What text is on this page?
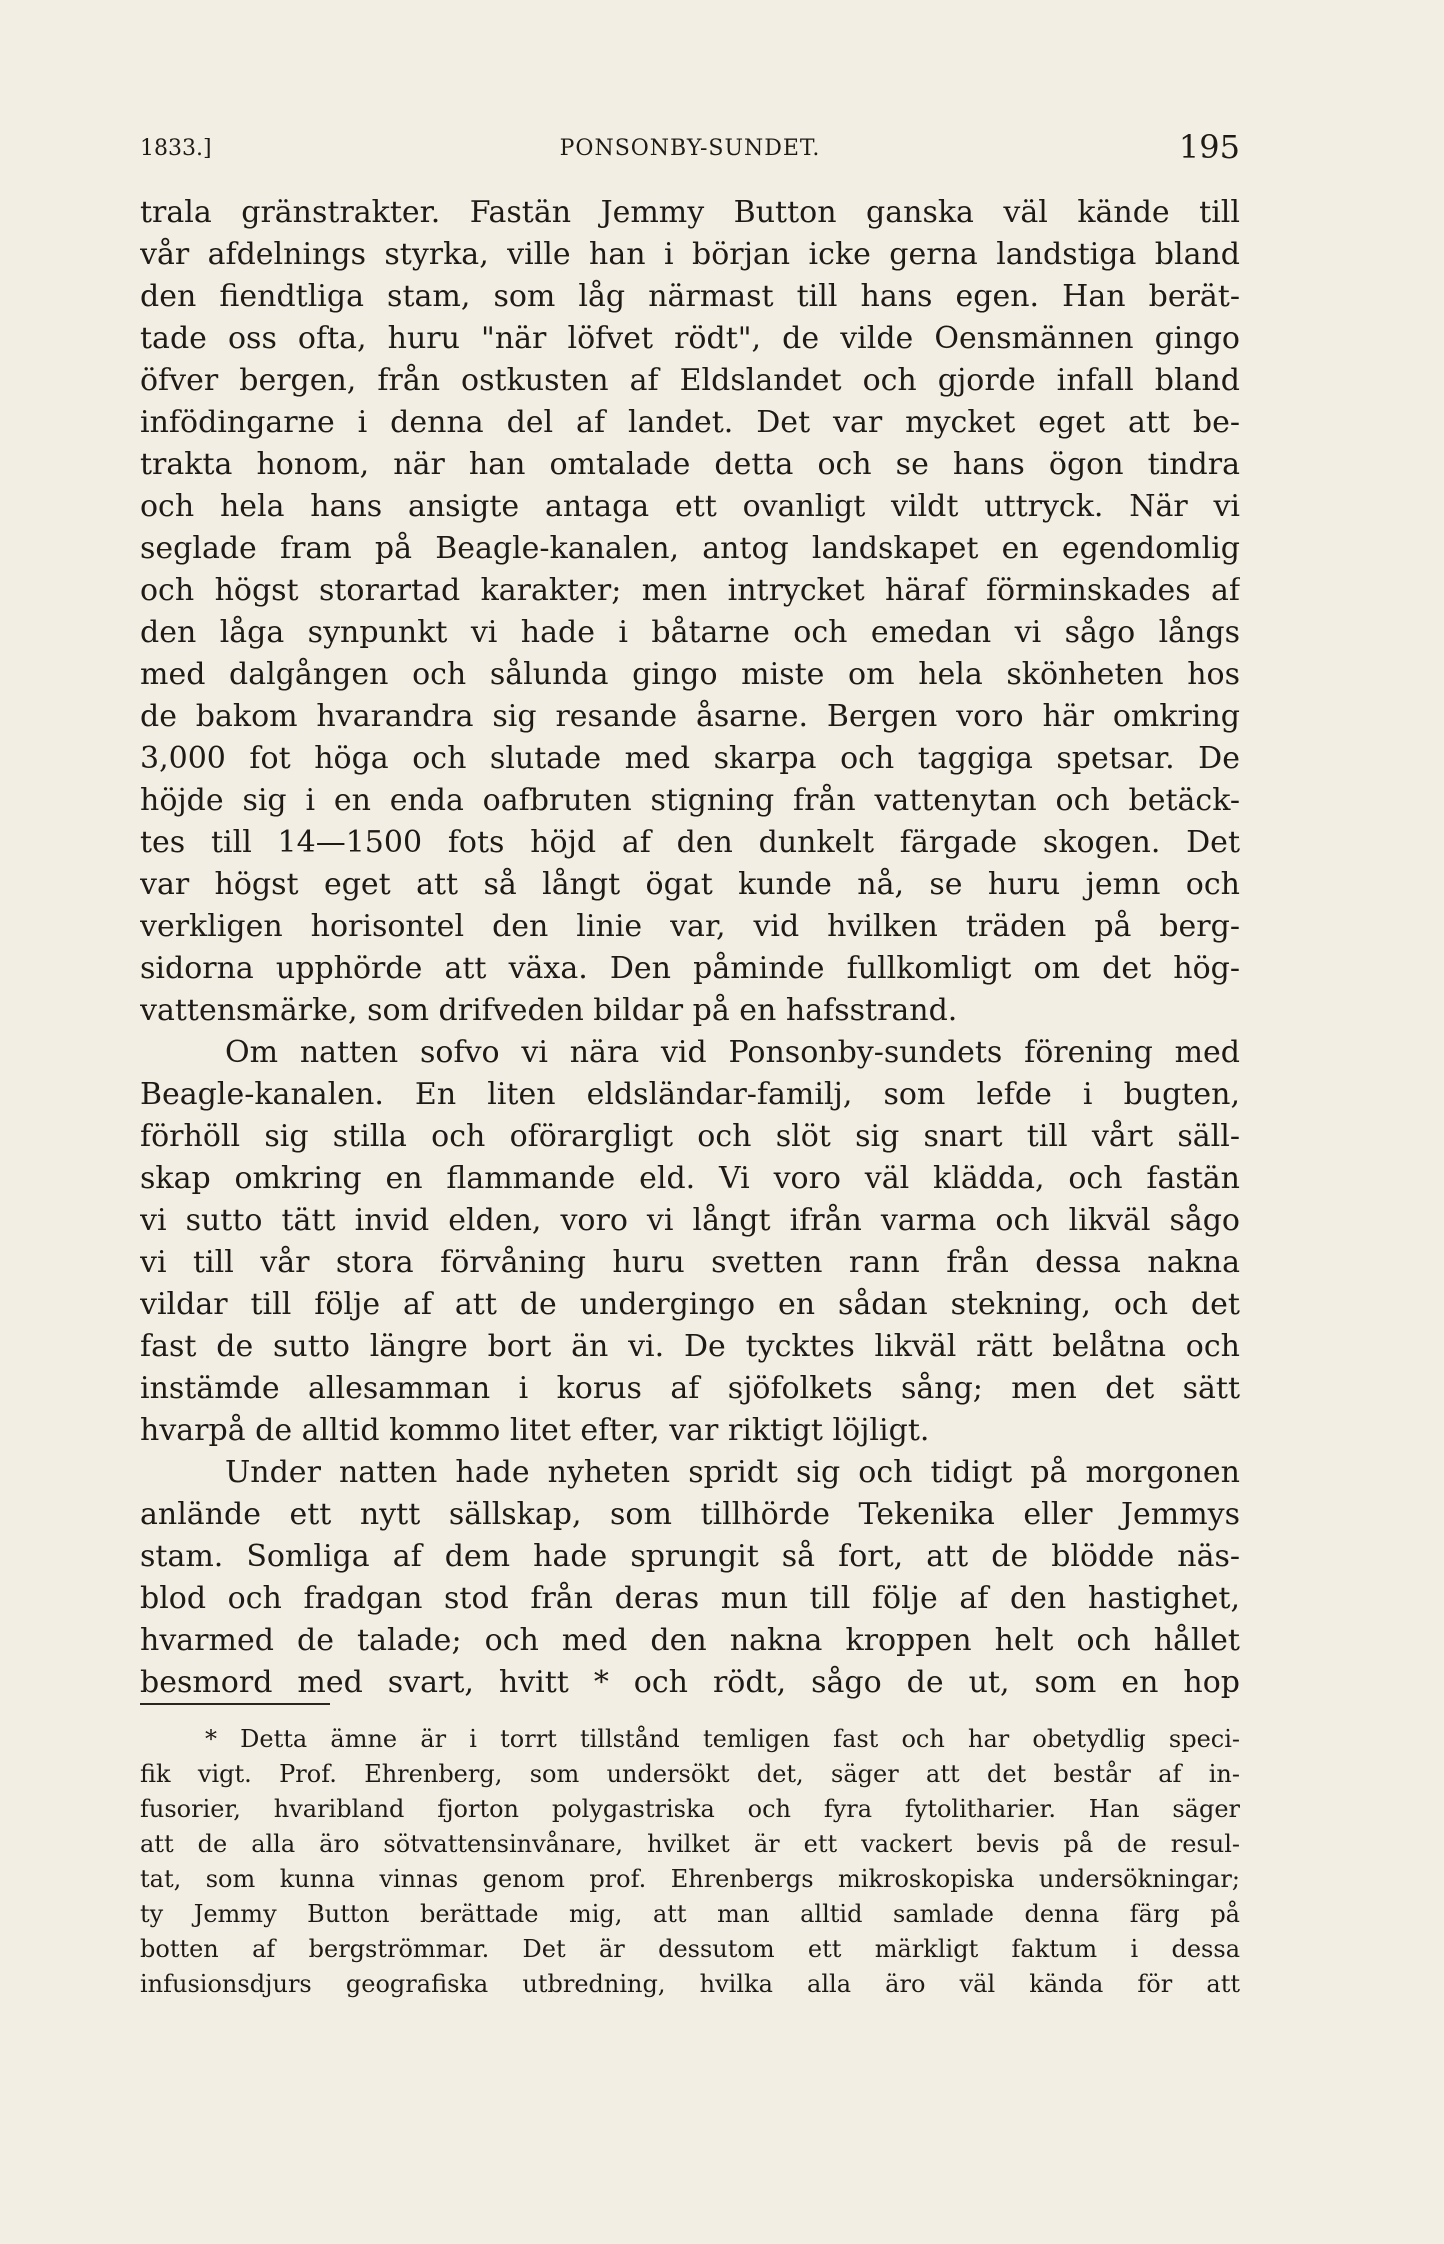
1833.]	PONSONBY-SUNDET.	195
trala gränstrakter. Fastän Jemmy Button ganska väl kände till
vår afdelnings styrka, ville han i början icke gerna landstiga bland
den fiendtliga stam, som låg närmast till hans egen. Han berät-
tade oss ofta, huru "när löfvet rödt", de vilde Oensmännen gingo
öfver bergen, från ostkusten af Eldslandet och gjorde infall bland
infödingarne i denna del af landet. Det var mycket eget att be-
trakta honom, när han omtalade detta och se hans ögon tindra
och hela hans ansigte antaga ett ovanligt vildt uttryck. När vi
seglade fram på Beagle-kanalen, antog landskapet en egendomlig
och högst storartad karakter; men intrycket häraf förminskades af
den låga synpunkt vi hade i båtarne och emedan vi sågo långs
med dalgången och sålunda gingo miste om hela skönheten hos
de bakom hvarandra sig resande åsarne. Bergen voro här omkring
3,000 fot höga och slutade med skarpa och taggiga spetsar. De
höjde sig i en enda oafbruten stigning från vattenytan och betäck-
tes till 14—1500 fots höjd af den dunkelt färgade skogen. Det
var högst eget att så långt ögat kunde nå, se huru jemn och
verkligen horisontel den linie var, vid hvilken träden på berg-
sidorna upphörde att växa. Den påminde fullkomligt om det hög-
vattensmärke, som drifveden bildar på en hafsstrand.
Om natten sofvo vi nära vid Ponsonby-sundets förening med
Beagle-kanalen. En liten eldsländar-familj, som lefde i bugten,
förhöll sig stilla och oförargligt och slöt sig snart till vårt säll-
skap omkring en flammande eld. Vi voro väl klädda, och fastän
vi sutto tätt invid elden, voro vi långt ifrån varma och likväl sågo
vi till vår stora förvåning huru svetten rann från dessa nakna
vildar till följe af att de undergingo en sådan stekning, och det
fast de sutto längre bort än vi. De tycktes likväl rätt belåtna och
instämde allesamman i korus af sjöfolkets sång; men det sätt
hvarpå de alltid kommo litet efter, var riktigt löjligt.
Under natten hade nyheten spridt sig och tidigt på morgonen
anlände ett nytt sällskap, som tillhörde Tekenika eller Jemmys
stam. Somliga af dem hade sprungit så fort, att de blödde näs-
blod och fradgan stod från deras mun till följe af den hastighet,
hvarmed de talade; och med den nakna kroppen helt och hållet
besmord med svart, hvitt * och rödt, sågo de ut, som en hop
* Detta ämne är i torrt tillstånd temligen fast och har obetydlig speci-
fik vigt. Prof. Ehrenberg, som undersökt det, säger att det består af in-
fusorier, hvaribland fjorton polygastriska och fyra fytolitharier. Han säger
att de alla äro sötvattensinvånare, hvilket är ett vackert bevis på de resul-
tat, som kunna vinnas genom prof. Ehrenbergs mikroskopiska undersökningar;
ty Jemmy Button berättade mig, att man alltid samlade denna färg på
botten af bergströmmar. Det är dessutom ett märkligt faktum i dessa
infusionsdjurs geografiska utbredning, hvilka alla äro väl kända för att
